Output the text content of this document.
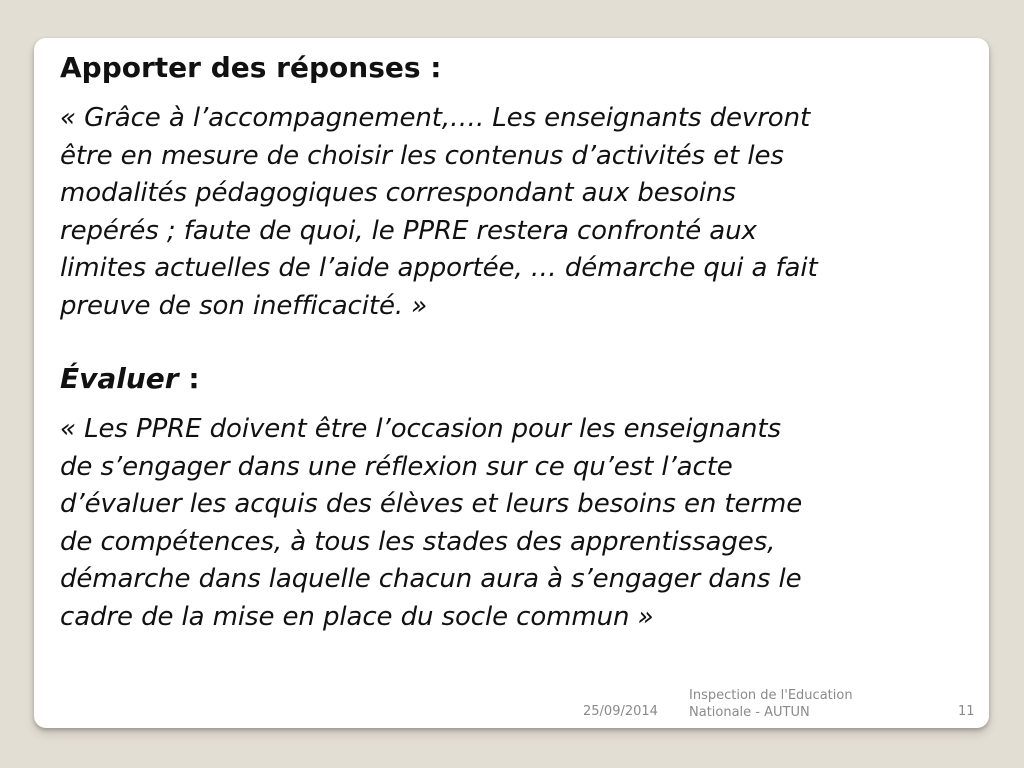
Apporter des réponses :

« Grâce à l’accompagnement,…. Les enseignants devront
être en mesure de choisir les contenus d’activités et les
modalités pédagogiques correspondant aux besoins
repérés ; faute de quoi, le PPRE restera confronté aux
limites actuelles de l’aide apportée, … démarche qui a fait
preuve de son inefficacité. »

Évaluer :

« Les PPRE doivent être l’occasion pour les enseignants
de s’engager dans une réflexion sur ce qu’est l’acte
d’évaluer les acquis des élèves et leurs besoins en terme
de compétences, à tous les stades des apprentissages,
démarche dans laquelle chacun aura à s’engager dans le
cadre de la mise en place du socle commun »

25/09/2014
Inspection de l'Education
Nationale - AUTUN	11
